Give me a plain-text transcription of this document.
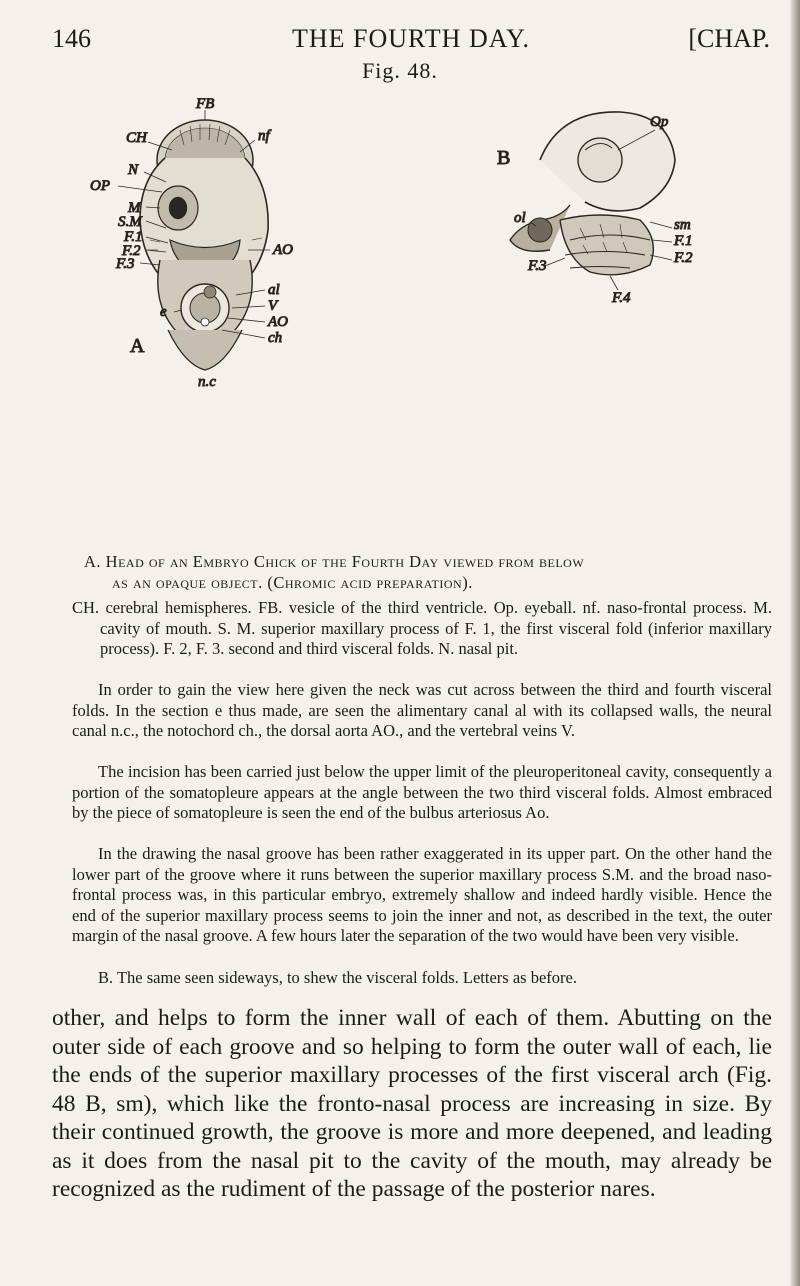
146	THE FOURTH DAY.	[CHAP.
Fig. 48.
FB
CH	nf
N
OP
M
S.M
F.1
F.2
F.3
AO
al
V
AO
ch
e
A
n.c
B
Op
sm
F.1
F.2
F.3
F.4
ol
A. Head of an Embryo Chick of the Fourth Day viewed from below
as an opaque object. (Chromic acid preparation).

CH. cerebral hemispheres. FB. vesicle of the third ventricle. Op. eyeball. nf. naso-frontal process. M. cavity of mouth. S. M. superior maxillary process of F. 1, the first visceral fold (inferior maxillary process). F. 2, F. 3. second and third visceral folds. N. nasal pit.

In order to gain the view here given the neck was cut across between the third and fourth visceral folds. In the section e thus made, are seen the alimentary canal al with its collapsed walls, the neural canal n.c., the notochord ch., the dorsal aorta AO., and the vertebral veins V.

The incision has been carried just below the upper limit of the pleuroperitoneal cavity, consequently a portion of the somatopleure appears at the angle between the two third visceral folds. Almost embraced by the piece of somatopleure is seen the end of the bulbus arteriosus Ao.

In the drawing the nasal groove has been rather exaggerated in its upper part. On the other hand the lower part of the groove where it runs between the superior maxillary process S.M. and the broad naso-frontal process was, in this particular embryo, extremely shallow and indeed hardly visible. Hence the end of the superior maxillary process seems to join the inner and not, as described in the text, the outer margin of the nasal groove. A few hours later the separation of the two would have been very visible.

B. The same seen sideways, to shew the visceral folds. Letters as before.

other, and helps to form the inner wall of each of them. Abutting on the outer side of each groove and so helping to form the outer wall of each, lie the ends of the superior maxillary processes of the first visceral arch (Fig. 48 B, sm), which like the fronto-nasal process are increasing in size. By their continued growth, the groove is more and more deepened, and leading as it does from the nasal pit to the cavity of the mouth, may already be recognized as the rudiment of the passage of the posterior nares.
